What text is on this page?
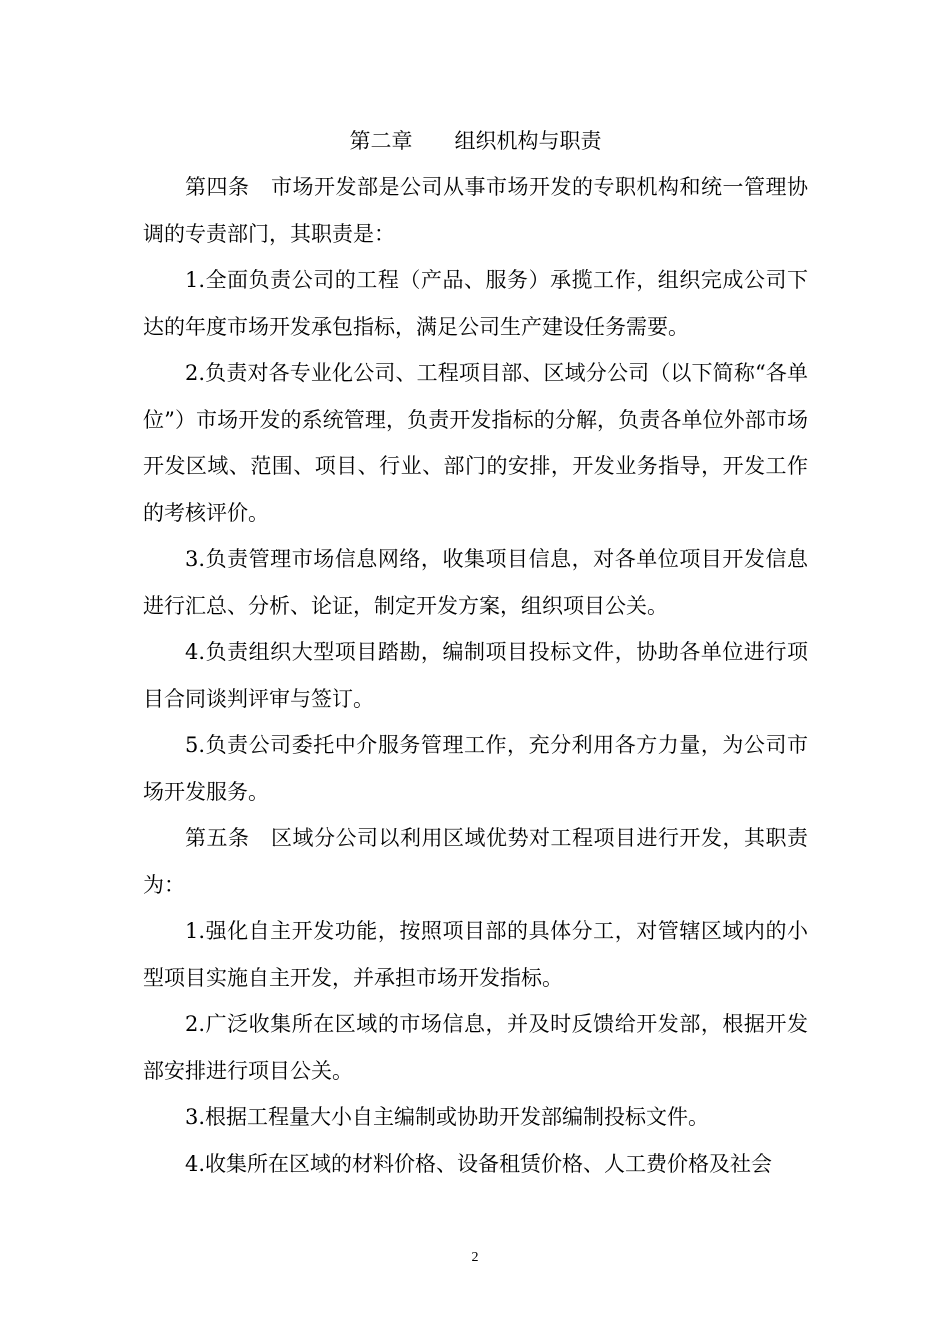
第二章　　组织机构与职责

第四条　市场开发部是公司从事市场开发的专职机构和统一管理协调的专责部门，其职责是：

1.全面负责公司的工程（产品、服务）承揽工作，组织完成公司下达的年度市场开发承包指标，满足公司生产建设任务需要。

2.负责对各专业化公司、工程项目部、区域分公司（以下简称“各单位”）市场开发的系统管理，负责开发指标的分解，负责各单位外部市场开发区域、范围、项目、行业、部门的安排，开发业务指导，开发工作的考核评价。

3.负责管理市场信息网络，收集项目信息，对各单位项目开发信息进行汇总、分析、论证，制定开发方案，组织项目公关。

4.负责组织大型项目踏勘，编制项目投标文件，协助各单位进行项目合同谈判评审与签订。

5.负责公司委托中介服务管理工作，充分利用各方力量，为公司市场开发服务。

第五条　区域分公司以利用区域优势对工程项目进行开发，其职责为：

1.强化自主开发功能，按照项目部的具体分工，对管辖区域内的小型项目实施自主开发，并承担市场开发指标。

2.广泛收集所在区域的市场信息，并及时反馈给开发部，根据开发部安排进行项目公关。

3.根据工程量大小自主编制或协助开发部编制投标文件。

4.收集所在区域的材料价格、设备租赁价格、人工费价格及社会

2
